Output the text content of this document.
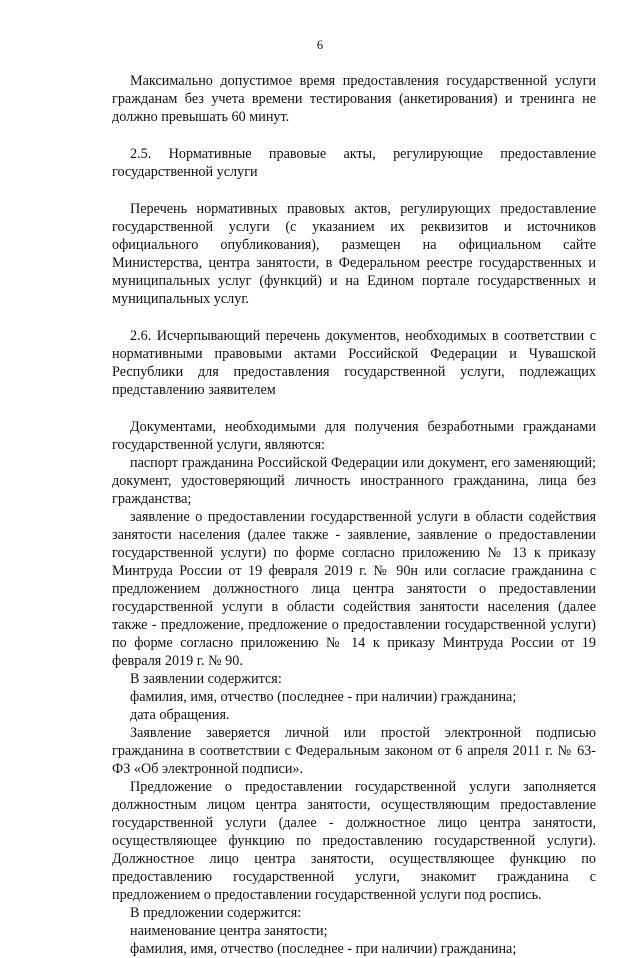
6

Максимально допустимое время предоставления государственной услуги гражданам без учета времени тестирования (анкетирования) и тренинга не должно превышать 60 минут.

2.5. Нормативные правовые акты, регулирующие предоставление государственной услуги

Перечень нормативных правовых актов, регулирующих предоставление государственной услуги (с указанием их реквизитов и источников официального опубликования), размещен на официальном сайте Министерства, центра занятости, в Федеральном реестре государственных и муниципальных услуг (функций) и на Едином портале государственных и муниципальных услуг.

2.6. Исчерпывающий перечень документов, необходимых в соответствии с нормативными правовыми актами Российской Федерации и Чувашской Республики для предоставления государственной услуги, подлежащих представлению заявителем

Документами, необходимыми для получения безработными гражданами государственной услуги, являются:

паспорт гражданина Российской Федерации или документ, его заменяющий; документ, удостоверяющий личность иностранного гражданина, лица без гражданства;

заявление о предоставлении государственной услуги в области содействия занятости населения (далее также - заявление, заявление о предоставлении государственной услуги) по форме согласно приложению № 13 к приказу Минтруда России от 19 февраля 2019 г. № 90н или согласие гражданина с предложением должностного лица центра занятости о предоставлении государственной услуги в области содействия занятости населения (далее также - предложение, предложение о предоставлении государственной услуги) по форме согласно приложению № 14 к приказу Минтруда России от 19 февраля 2019 г. № 90.

В заявлении содержится:

фамилия, имя, отчество (последнее - при наличии) гражданина;

дата обращения.

Заявление заверяется личной или простой электронной подписью гражданина в соответствии с Федеральным законом от 6 апреля 2011 г. № 63-ФЗ «Об электронной подписи».

Предложение о предоставлении государственной услуги заполняется должностным лицом центра занятости, осуществляющим предоставление государственной услуги (далее - должностное лицо центра занятости, осуществляющее функцию по предоставлению государственной услуги). Должностное лицо центра занятости, осуществляющее функцию по предоставлению государственной услуги, знакомит гражданина с предложением о предоставлении государственной услуги под роспись.

В предложении содержится:

наименование центра занятости;

фамилия, имя, отчество (последнее - при наличии) гражданина;
